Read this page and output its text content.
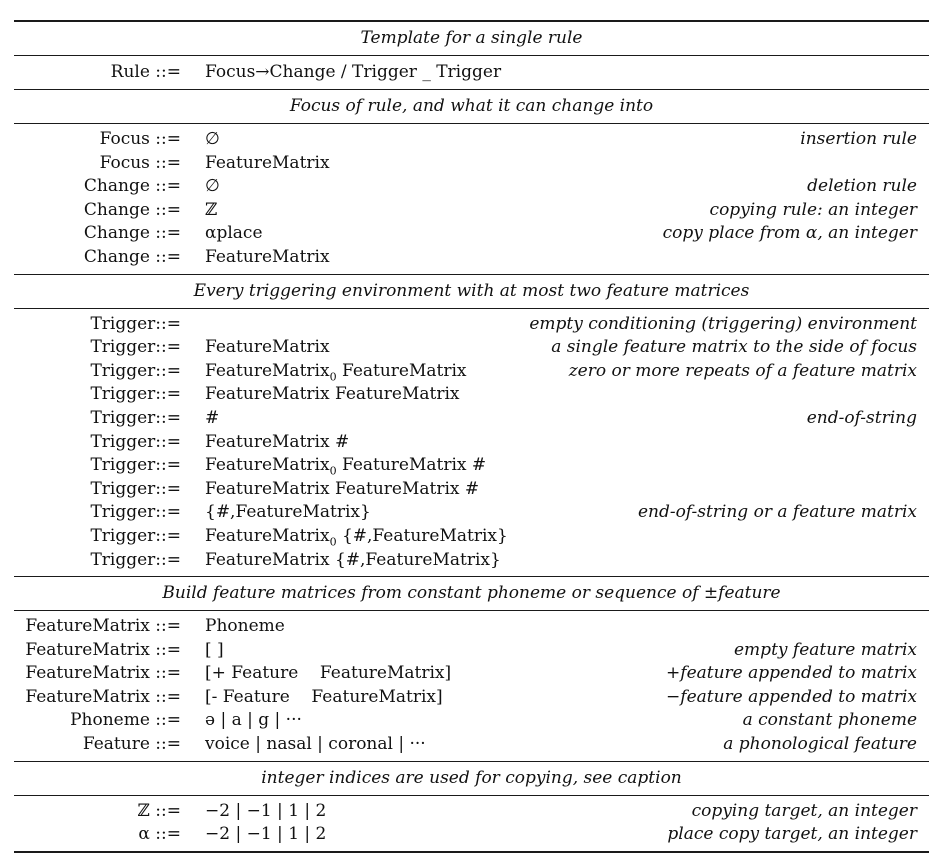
Template for a single rule
Rule ::= Focus→Change / Trigger _ Trigger
Focus of rule, and what it can change into
Focus ::= ∅	insertion rule
Focus ::= FeatureMatrix
Change ::= ∅	deletion rule
Change ::= ℤ	copying rule: an integer
Change ::= αplace	copy place from α, an integer
Change ::= FeatureMatrix
Every triggering environment with at most two feature matrices
Trigger::=	empty conditioning (triggering) environment
Trigger::= FeatureMatrix	a single feature matrix to the side of focus
Trigger::= FeatureMatrix$_0$ FeatureMatrix	zero or more repeats of a feature matrix
Trigger::= FeatureMatrix FeatureMatrix
Trigger::= #	end-of-string
Trigger::= FeatureMatrix #
Trigger::= FeatureMatrix$_0$ FeatureMatrix #
Trigger::= FeatureMatrix FeatureMatrix #
Trigger::= {#,FeatureMatrix}	end-of-string or a feature matrix
Trigger::= FeatureMatrix$_0$ {#,FeatureMatrix}
Trigger::= FeatureMatrix {#,FeatureMatrix}
Build feature matrices from constant phoneme or sequence of ±feature
FeatureMatrix ::= Phoneme
FeatureMatrix ::= [ ]	empty feature matrix
FeatureMatrix ::= [+ Feature    FeatureMatrix]	+feature appended to matrix
FeatureMatrix ::= [- Feature    FeatureMatrix]	−feature appended to matrix
Phoneme ::= ə | a | g | ···	a constant phoneme
Feature ::= voice | nasal | coronal | ···	a phonological feature
integer indices are used for copying, see caption
ℤ ::= −2 | −1 | 1 | 2	copying target, an integer
α ::= −2 | −1 | 1 | 2	place copy target, an integer
